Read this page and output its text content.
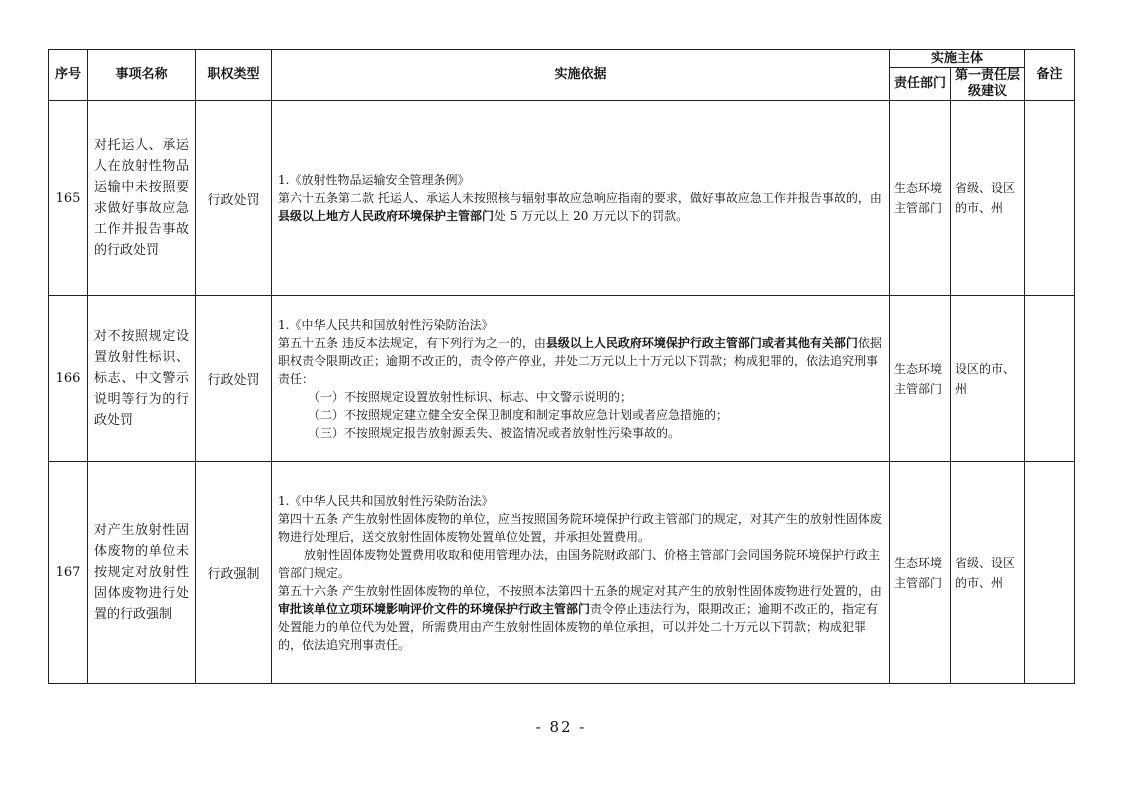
序号	事项名称	职权类型	实施依据	实施主体		备注
				责任部门	第一责任层级建议	
165	对托运人、承运人在放射性物品运输中未按照要求做好事故应急工作并报告事故的行政处罚	行政处罚	1.《放射性物品运输安全管理条例》

第六十五条第二款 托运人、承运人未按照核与辐射事故应急响应指南的要求，做好事故应急工作并报告事故的，由县级以上地方人民政府环境保护主管部门处 5 万元以上 20 万元以下的罚款。	生态环境主管部门	省级、设区的市、州	
166	对不按照规定设置放射性标识、标志、中文警示说明等行为的行政处罚	行政处罚	1.《中华人民共和国放射性污染防治法》

第五十五条 违反本法规定，有下列行为之一的，由县级以上人民政府环境保护行政主管部门或者其他有关部门依据职权责令限期改正；逾期不改正的，责令停产停业，并处二万元以上十万元以下罚款；构成犯罪的，依法追究刑事责任：

（一）不按照规定设置放射性标识、标志、中文警示说明的；

（二）不按照规定建立健全安全保卫制度和制定事故应急计划或者应急措施的；

（三）不按照规定报告放射源丢失、被盗情况或者放射性污染事故的。	生态环境主管部门	设区的市、州	
167	对产生放射性固体废物的单位未按规定对放射性固体废物进行处置的行政强制	行政强制	1.《中华人民共和国放射性污染防治法》

第四十五条 产生放射性固体废物的单位，应当按照国务院环境保护行政主管部门的规定，对其产生的放射性固体废物进行处理后，送交放射性固体废物处置单位处置，并承担处置费用。

放射性固体废物处置费用收取和使用管理办法，由国务院财政部门、价格主管部门会同国务院环境保护行政主管部门规定。

第五十六条 产生放射性固体废物的单位，不按照本法第四十五条的规定对其产生的放射性固体废物进行处置的，由审批该单位立项环境影响评价文件的环境保护行政主管部门责令停止违法行为，限期改正；逾期不改正的，指定有处置能力的单位代为处置，所需费用由产生放射性固体废物的单位承担，可以并处二十万元以下罚款；构成犯罪的，依法追究刑事责任。	生态环境主管部门	省级、设区的市、州	
- 82 -
